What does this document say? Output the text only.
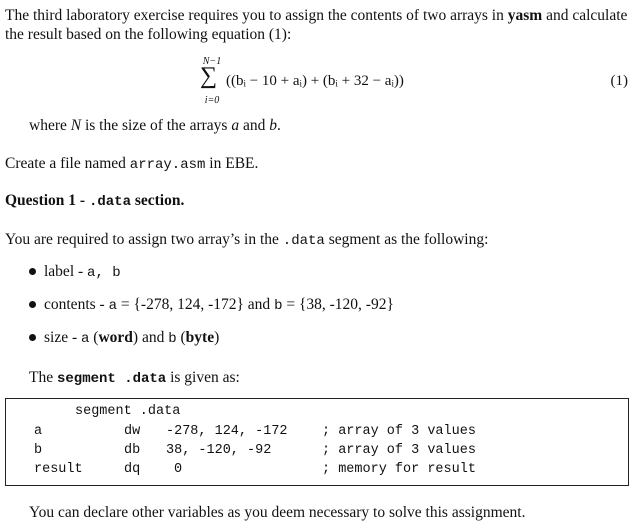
The third laboratory exercise requires you to assign the contents of two arrays in yasm and calculate the result based on the following equation (1):
N−1
∑
i=0
((bᵢ − 10 + aᵢ) + (bᵢ + 32 − aᵢ))	(1)
where N is the size of the arrays a and b.
Create a file named array.asm in EBE.
Question 1 - .data section.
You are required to assign two array’s in the .data segment as the following:
label - a, b
contents - a = {-278, 124, -172} and b = {38, -120, -92}
size - a (word) and b (byte)
The segment .data is given as:
segment .data
a	dw -278, 124, -172	; array of 3 values
b	db 38, -120, -92	; array of 3 values
result	dq	0	; memory for result
You can declare other variables as you deem necessary to solve this assignment.
